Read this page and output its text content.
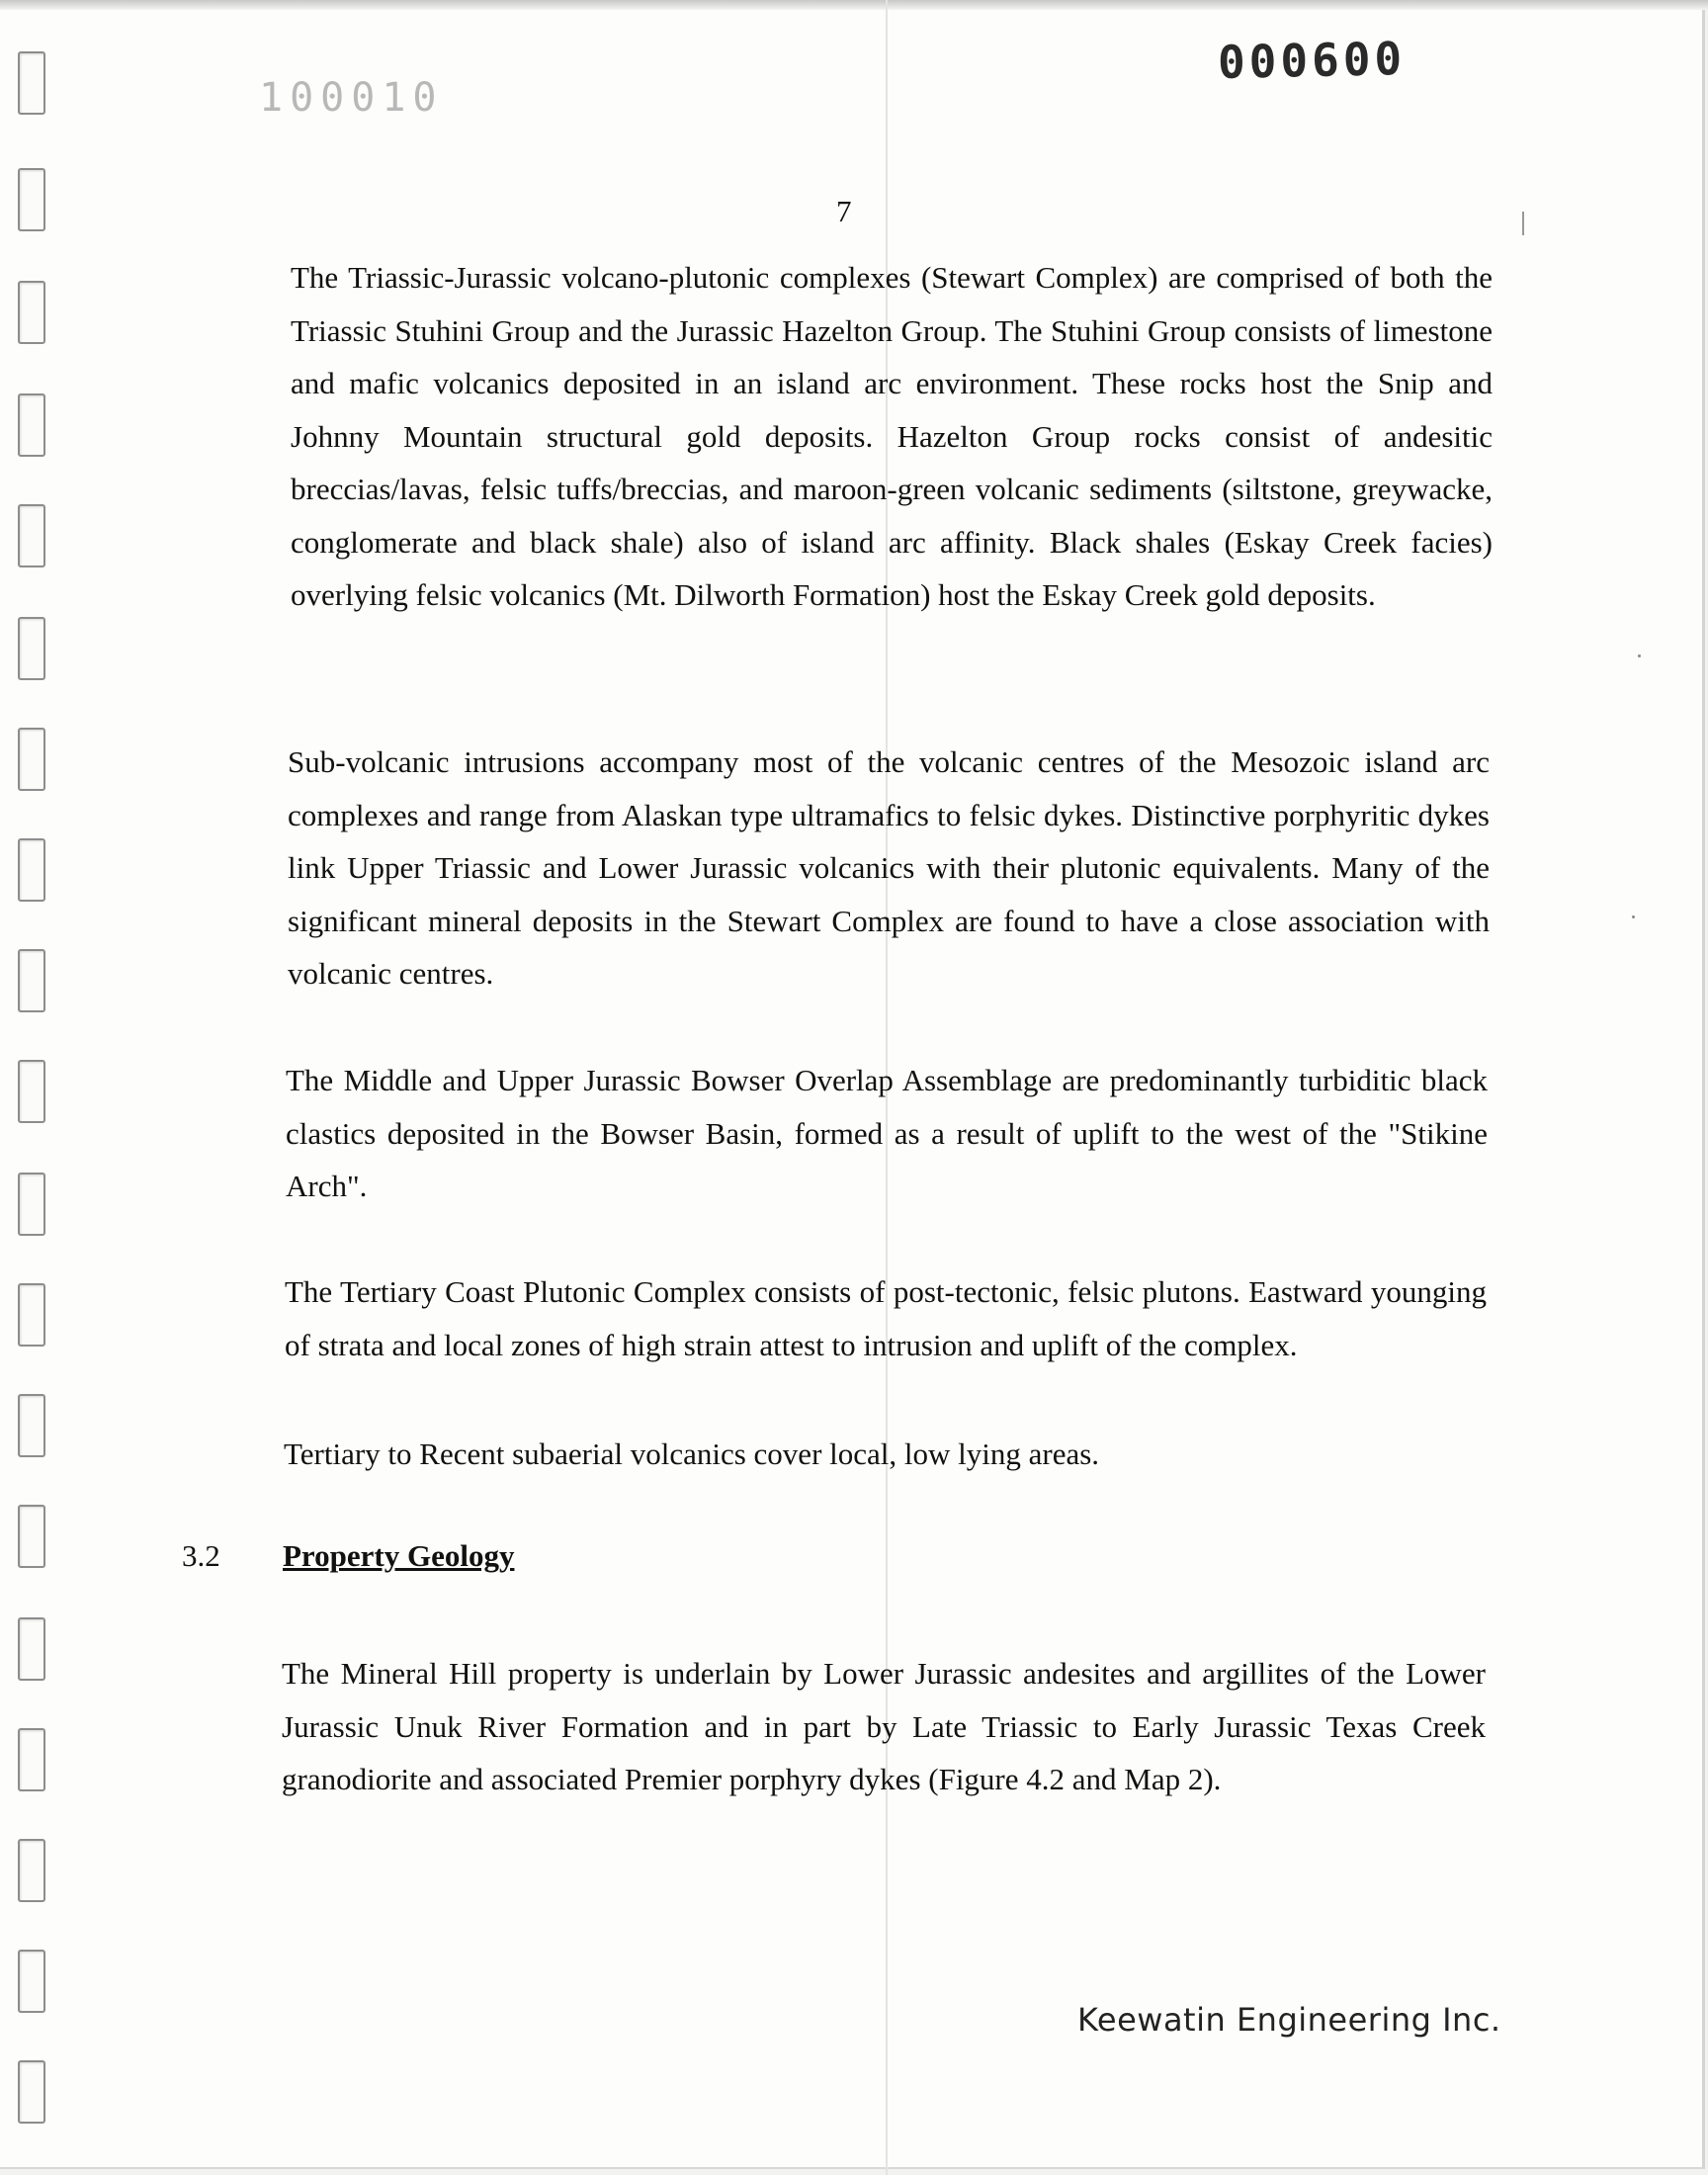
100010
000600
7

The Triassic-Jurassic volcano-plutonic complexes (Stewart Complex) are comprised of both the Triassic Stuhini Group and the Jurassic Hazelton Group. The Stuhini Group consists of limestone and mafic volcanics deposited in an island arc environment. These rocks host the Snip and Johnny Mountain structural gold deposits. Hazelton Group rocks consist of andesitic breccias/lavas, felsic tuffs/breccias, and maroon-green volcanic sediments (siltstone, greywacke, conglomerate and black shale) also of island arc affinity. Black shales (Eskay Creek facies) overlying felsic volcanics (Mt. Dilworth Formation) host the Eskay Creek gold deposits.

Sub-volcanic intrusions accompany most of the volcanic centres of the Mesozoic island arc complexes and range from Alaskan type ultramafics to felsic dykes. Distinctive porphyritic dykes link Upper Triassic and Lower Jurassic volcanics with their plutonic equivalents. Many of the significant mineral deposits in the Stewart Complex are found to have a close association with volcanic centres.

The Middle and Upper Jurassic Bowser Overlap Assemblage are predominantly turbiditic black clastics deposited in the Bowser Basin, formed as a result of uplift to the west of the "Stikine Arch".

The Tertiary Coast Plutonic Complex consists of post-tectonic, felsic plutons. Eastward younging of strata and local zones of high strain attest to intrusion and uplift of the complex.

Tertiary to Recent subaerial volcanics cover local, low lying areas.

3.2 Property Geology

The Mineral Hill property is underlain by Lower Jurassic andesites and argillites of the Lower Jurassic Unuk River Formation and in part by Late Triassic to Early Jurassic Texas Creek granodiorite and associated Premier porphyry dykes (Figure 4.2 and Map 2).

Keewatin Engineering Inc.
